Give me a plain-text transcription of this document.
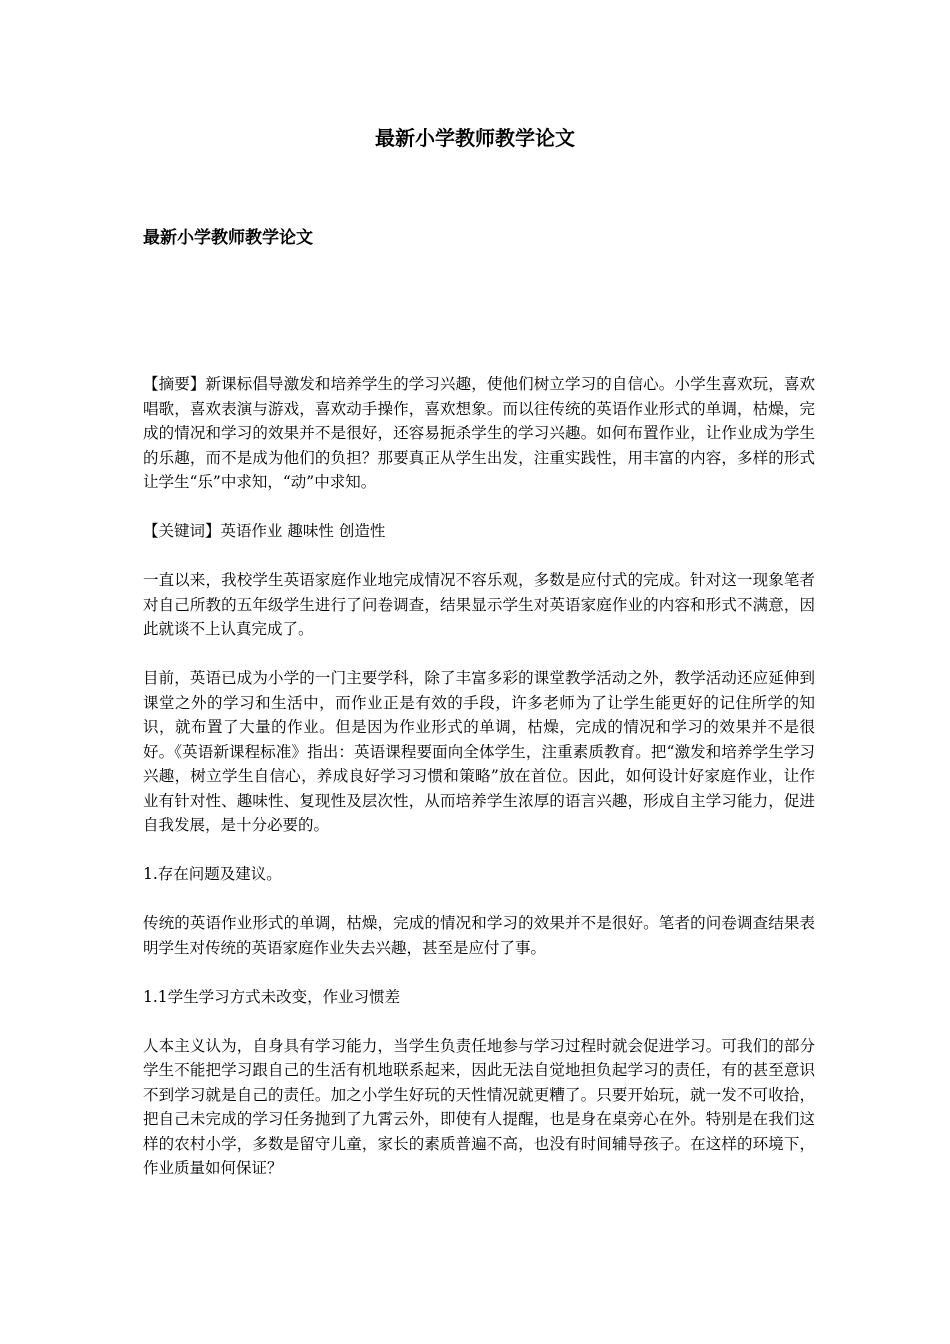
最新小学教师教学论文
最新小学教师教学论文

【摘要】新课标倡导激发和培养学生的学习兴趣，使他们树立学习的自信心。小学生喜欢玩，喜欢唱歌，喜欢表演与游戏，喜欢动手操作，喜欢想象。而以往传统的英语作业形式的单调，枯燥，完成的情况和学习的效果并不是很好，还容易扼杀学生的学习兴趣。如何布置作业，让作业成为学生的乐趣，而不是成为他们的负担？那要真正从学生出发，注重实践性，用丰富的内容，多样的形式让学生“乐”中求知，“动”中求知。

【关键词】英语作业 趣味性 创造性

一直以来，我校学生英语家庭作业地完成情况不容乐观，多数是应付式的完成。针对这一现象笔者对自己所教的五年级学生进行了问卷调查，结果显示学生对英语家庭作业的内容和形式不满意，因此就谈不上认真完成了。

目前，英语已成为小学的一门主要学科，除了丰富多彩的课堂教学活动之外，教学活动还应延伸到课堂之外的学习和生活中，而作业正是有效的手段，许多老师为了让学生能更好的记住所学的知识，就布置了大量的作业。但是因为作业形式的单调，枯燥，完成的情况和学习的效果并不是很好。《英语新课程标准》指出：英语课程要面向全体学生，注重素质教育。把“激发和培养学生学习兴趣，树立学生自信心，养成良好学习习惯和策略”放在首位。因此，如何设计好家庭作业，让作业有针对性、趣味性、复现性及层次性，从而培养学生浓厚的语言兴趣，形成自主学习能力，促进自我发展，是十分必要的。

1.存在问题及建议。

传统的英语作业形式的单调，枯燥，完成的情况和学习的效果并不是很好。笔者的问卷调查结果表明学生对传统的英语家庭作业失去兴趣，甚至是应付了事。

1.1学生学习方式未改变，作业习惯差

人本主义认为，自身具有学习能力，当学生负责任地参与学习过程时就会促进学习。可我们的部分学生不能把学习跟自己的生活有机地联系起来，因此无法自觉地担负起学习的责任，有的甚至意识不到学习就是自己的责任。加之小学生好玩的天性情况就更糟了。只要开始玩，就一发不可收拾，把自己未完成的学习任务抛到了九霄云外，即使有人提醒，也是身在桌旁心在外。特别是在我们这样的农村小学，多数是留守儿童，家长的素质普遍不高，也没有时间辅导孩子。在这样的环境下，作业质量如何保证？
